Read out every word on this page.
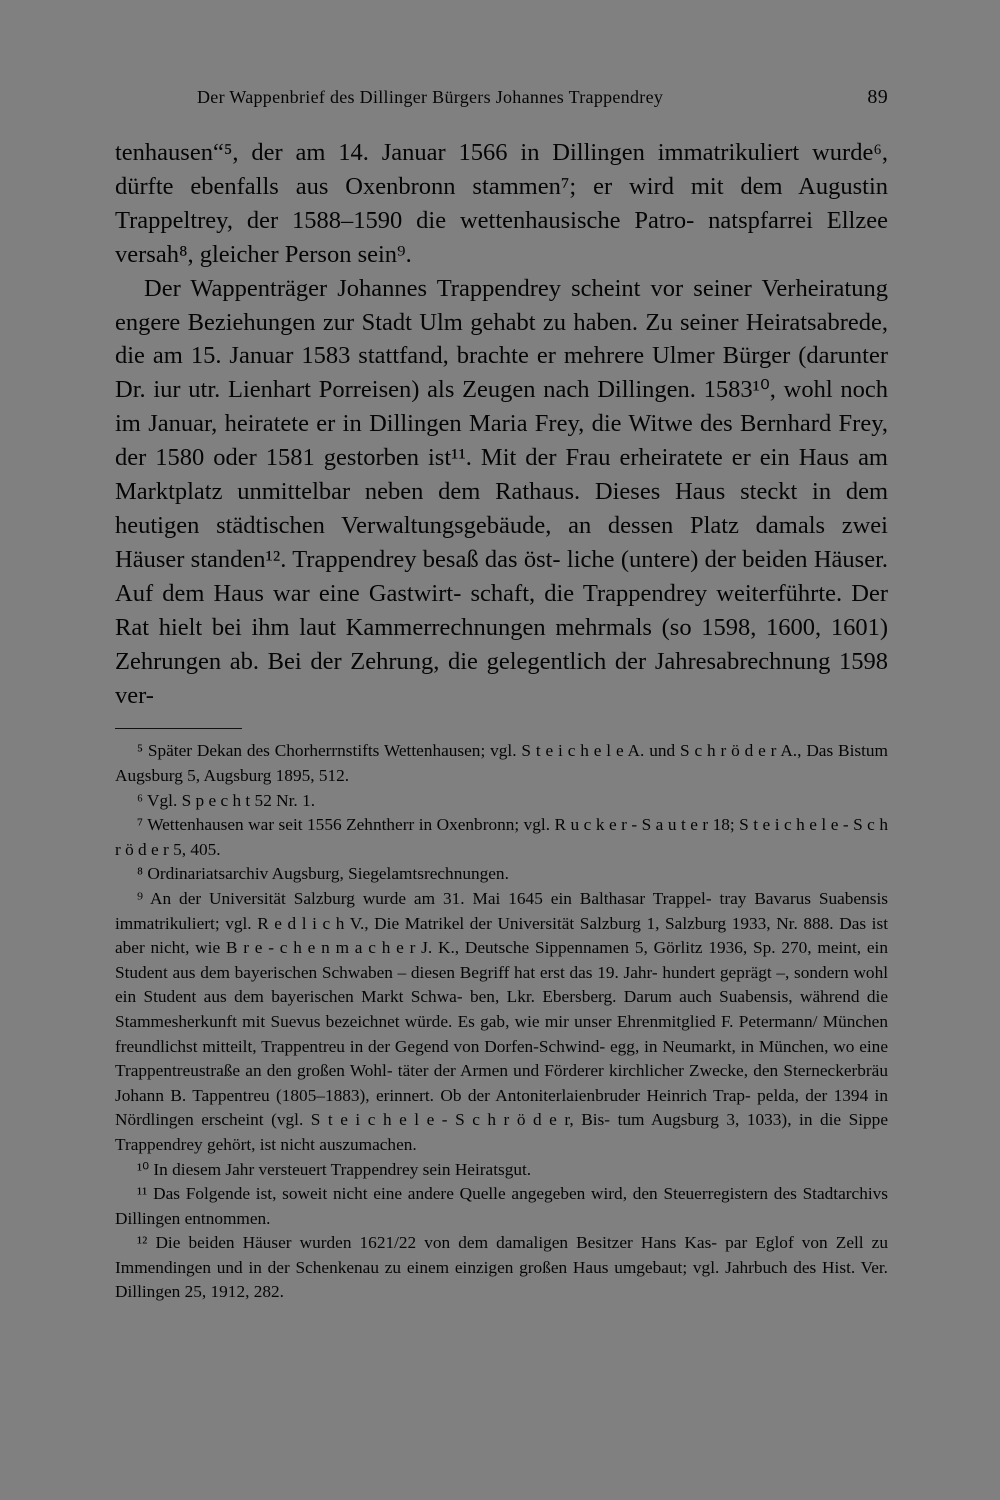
Der Wappenbrief des Dillinger Bürgers Johannes Trappendrey	89

tenhausen“⁵, der am 14. Januar 1566 in Dillingen immatrikuliert wurde⁶, dürfte ebenfalls aus Oxenbronn stammen⁷; er wird mit dem Augustin Trappeltrey, der 1588–1590 die wettenhausische Patro- natspfarrei Ellzee versah⁸, gleicher Person sein⁹.

Der Wappenträger Johannes Trappendrey scheint vor seiner Verheiratung engere Beziehungen zur Stadt Ulm gehabt zu haben. Zu seiner Heiratsabrede, die am 15. Januar 1583 stattfand, brachte er mehrere Ulmer Bürger (darunter Dr. iur utr. Lienhart Porreisen) als Zeugen nach Dillingen. 1583¹⁰, wohl noch im Januar, heiratete er in Dillingen Maria Frey, die Witwe des Bernhard Frey, der 1580 oder 1581 gestorben ist¹¹. Mit der Frau erheiratete er ein Haus am Marktplatz unmittelbar neben dem Rathaus. Dieses Haus steckt in dem heutigen städtischen Verwaltungsgebäude, an dessen Platz damals zwei Häuser standen¹². Trappendrey besaß das öst- liche (untere) der beiden Häuser. Auf dem Haus war eine Gastwirt- schaft, die Trappendrey weiterführte. Der Rat hielt bei ihm laut Kammerrechnungen mehrmals (so 1598, 1600, 1601) Zehrungen ab. Bei der Zehrung, die gelegentlich der Jahresabrechnung 1598 ver-

⁵ Später Dekan des Chorherrnstifts Wettenhausen; vgl. S t e i c h e l e A. und S c h r ö d e r A., Das Bistum Augsburg 5, Augsburg 1895, 512.

⁶ Vgl. S p e c h t 52 Nr. 1.

⁷ Wettenhausen war seit 1556 Zehntherr in Oxenbronn; vgl. R u c k e r - S a u t e r 18; S t e i c h e l e - S c h r ö d e r 5, 405.

⁸ Ordinariatsarchiv Augsburg, Siegelamtsrechnungen.

⁹ An der Universität Salzburg wurde am 31. Mai 1645 ein Balthasar Trappel- tray Bavarus Suabensis immatrikuliert; vgl. R e d l i c h V., Die Matrikel der Universität Salzburg 1, Salzburg 1933, Nr. 888. Das ist aber nicht, wie B r e - c h e n m a c h e r J. K., Deutsche Sippennamen 5, Görlitz 1936, Sp. 270, meint, ein Student aus dem bayerischen Schwaben – diesen Begriff hat erst das 19. Jahr- hundert geprägt –, sondern wohl ein Student aus dem bayerischen Markt Schwa- ben, Lkr. Ebersberg. Darum auch Suabensis, während die Stammesherkunft mit Suevus bezeichnet würde. Es gab, wie mir unser Ehrenmitglied F. Petermann/ München freundlichst mitteilt, Trappentreu in der Gegend von Dorfen-Schwind- egg, in Neumarkt, in München, wo eine Trappentreustraße an den großen Wohl- täter der Armen und Förderer kirchlicher Zwecke, den Sterneckerbräu Johann B. Tappentreu (1805–1883), erinnert. Ob der Antoniterlaienbruder Heinrich Trap- pelda, der 1394 in Nördlingen erscheint (vgl. S t e i c h e l e - S c h r ö d e r, Bis- tum Augsburg 3, 1033), in die Sippe Trappendrey gehört, ist nicht auszumachen.

¹⁰ In diesem Jahr versteuert Trappendrey sein Heiratsgut.

¹¹ Das Folgende ist, soweit nicht eine andere Quelle angegeben wird, den Steuerregistern des Stadtarchivs Dillingen entnommen.

¹² Die beiden Häuser wurden 1621/22 von dem damaligen Besitzer Hans Kas- par Eglof von Zell zu Immendingen und in der Schenkenau zu einem einzigen großen Haus umgebaut; vgl. Jahrbuch des Hist. Ver. Dillingen 25, 1912, 282.
